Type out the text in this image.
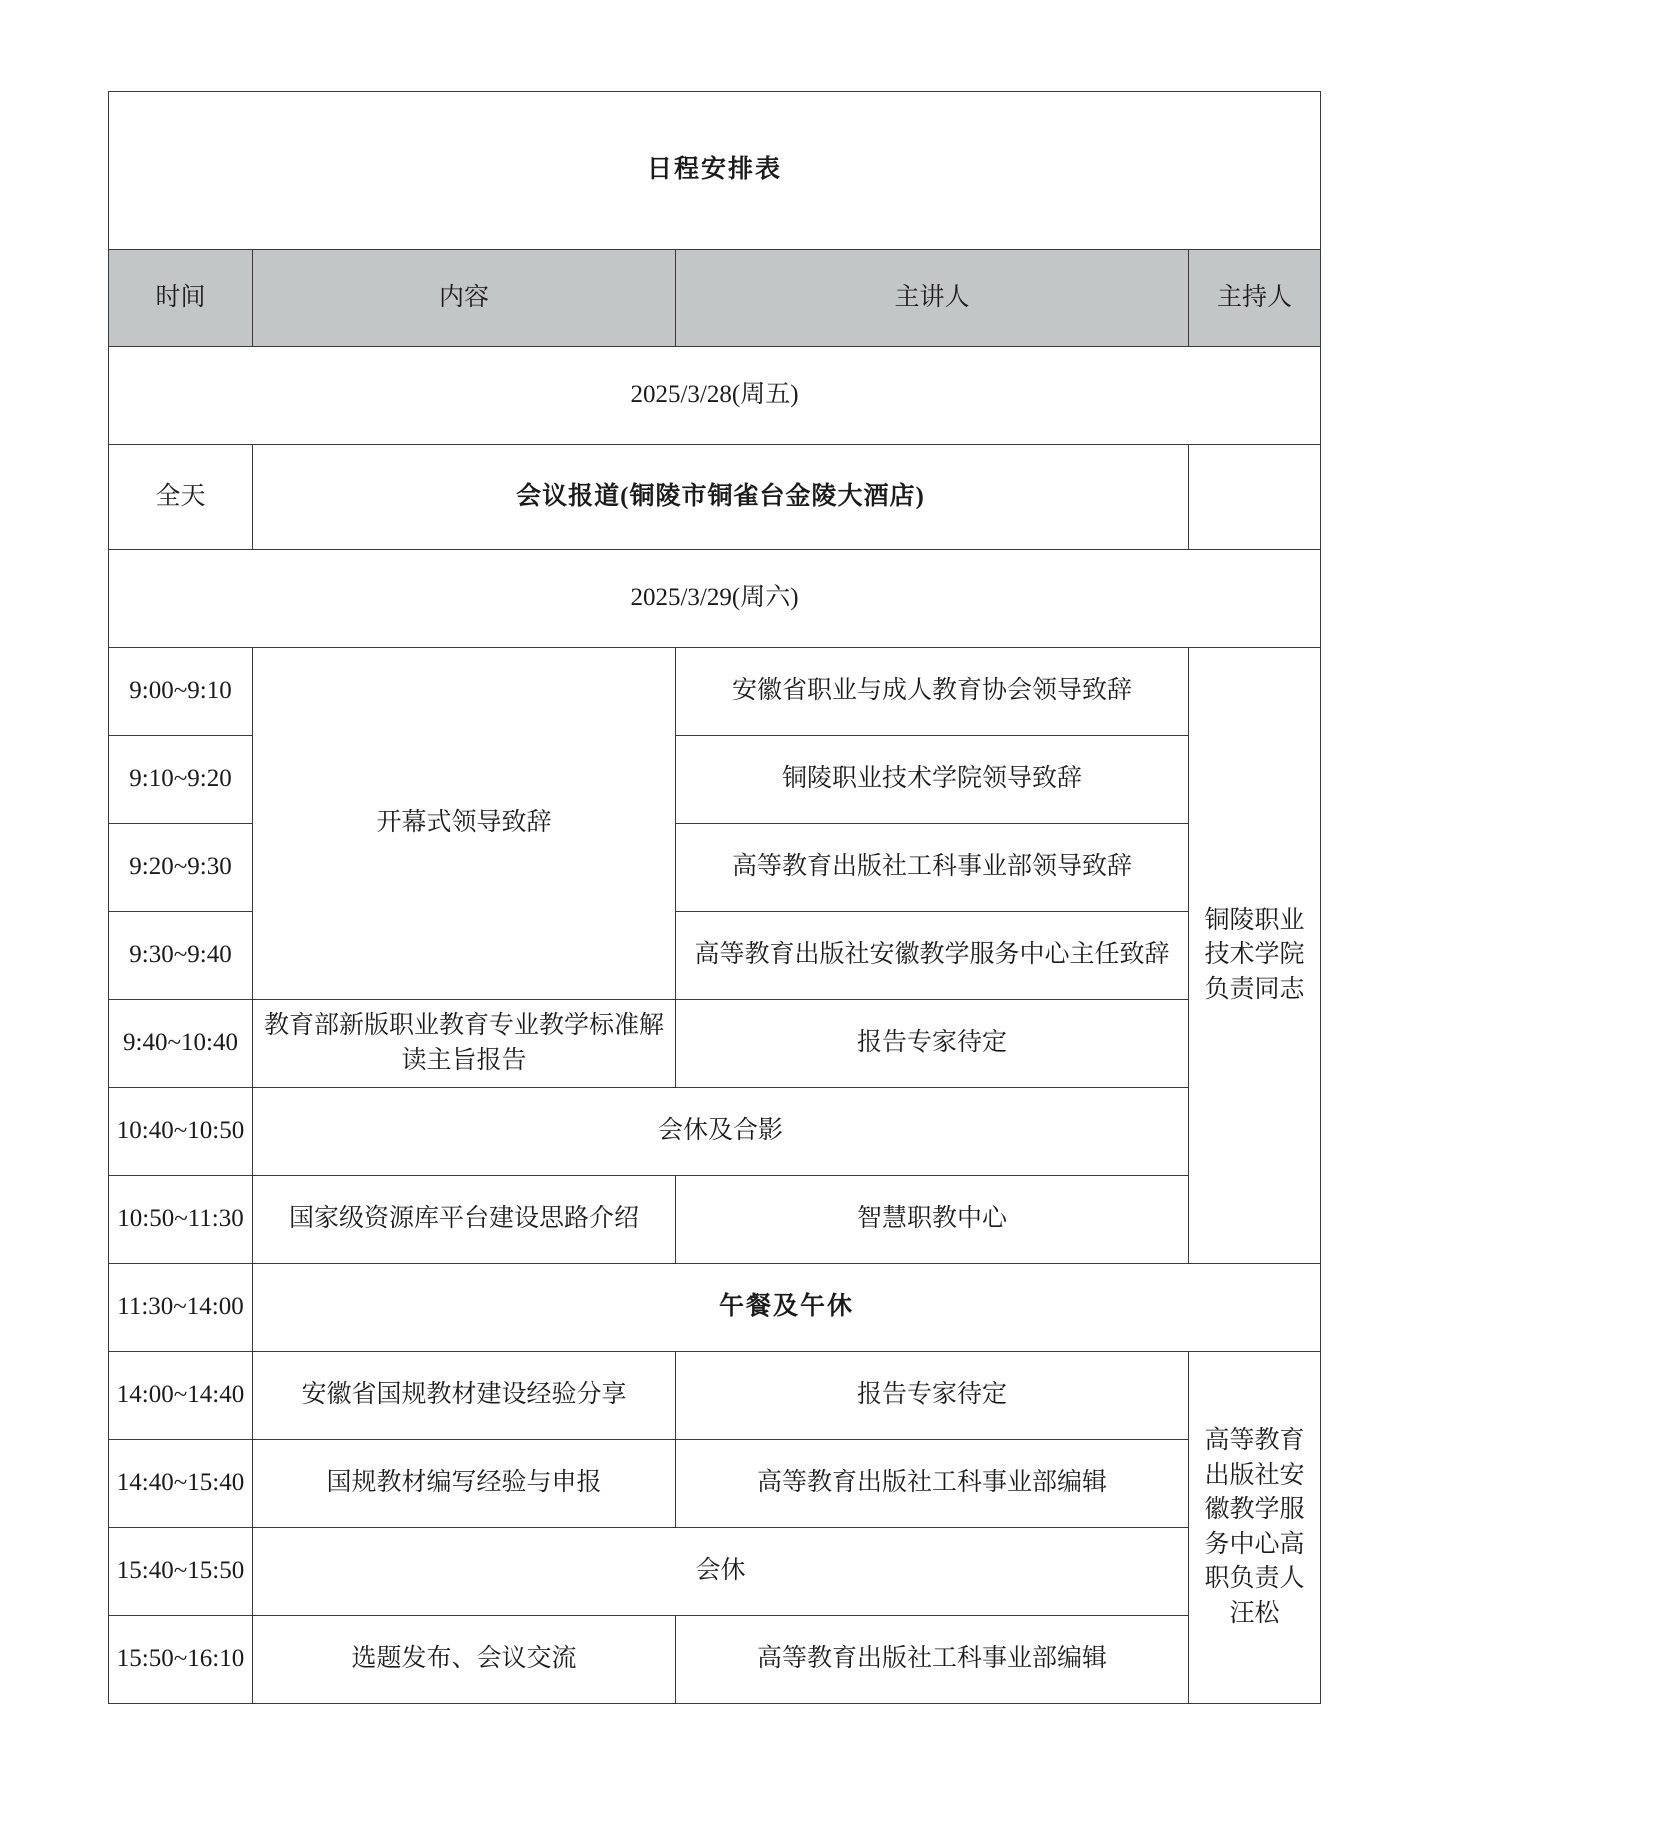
日程安排表			
时间	内容	主讲人	主持人
2025/3/28(周五)			
全天	会议报道(铜陵市铜雀台金陵大酒店)		
2025/3/29(周六)			
9:00~9:10	开幕式领导致辞	安徽省职业与成人教育协会领导致辞	铜陵职业技术学院负责同志
9:10~9:20		铜陵职业技术学院领导致辞	
9:20~9:30		高等教育出版社工科事业部领导致辞	
9:30~9:40		高等教育出版社安徽教学服务中心主任致辞	
9:40~10:40	教育部新版职业教育专业教学标准解读主旨报告	报告专家待定	
10:40~10:50	会休及合影		
10:50~11:30	国家级资源库平台建设思路介绍	智慧职教中心	
11:30~14:00	午餐及午休		
14:00~14:40	安徽省国规教材建设经验分享	报告专家待定	高等教育出版社安徽教学服务中心高职负责人汪松
14:40~15:40	国规教材编写经验与申报	高等教育出版社工科事业部编辑	
15:40~15:50	会休		
15:50~16:10	选题发布、会议交流	高等教育出版社工科事业部编辑	
